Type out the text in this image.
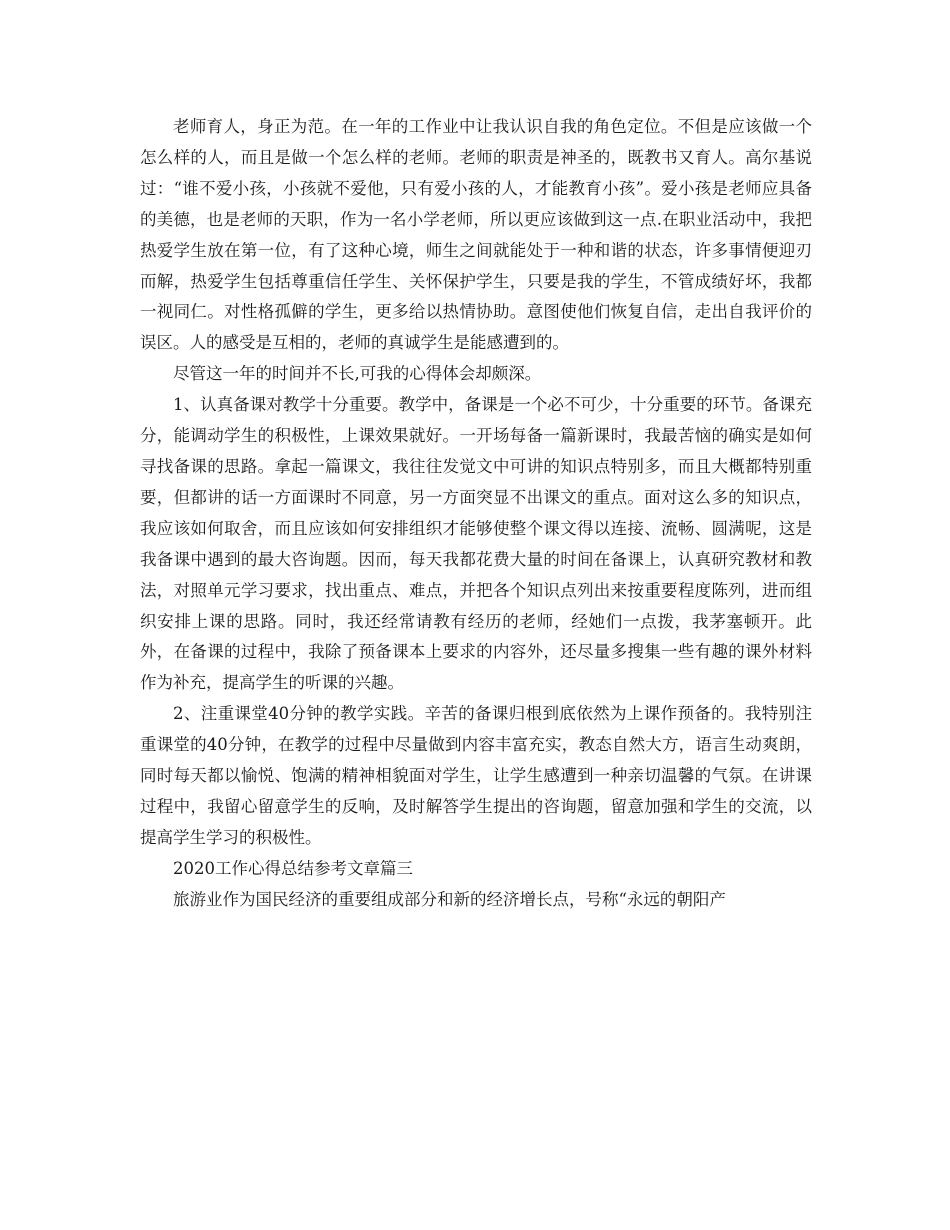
老师育人，身正为范。在一年的工作业中让我认识自我的角色定位。不但是应该做一个怎么样的人，而且是做一个怎么样的老师。老师的职责是神圣的，既教书又育人。高尔基说过：“谁不爱小孩，小孩就不爱他，只有爱小孩的人，才能教育小孩”。爱小孩是老师应具备的美德，也是老师的天职，作为一名小学老师，所以更应该做到这一点.在职业活动中，我把热爱学生放在第一位，有了这种心境，师生之间就能处于一种和谐的状态，许多事情便迎刃而解，热爱学生包括尊重信任学生、关怀保护学生，只要是我的学生，不管成绩好坏，我都一视同仁。对性格孤僻的学生，更多给以热情协助。意图使他们恢复自信，走出自我评价的误区。人的感受是互相的，老师的真诚学生是能感遭到的。

尽管这一年的时间并不长,可我的心得体会却颇深。

1、认真备课对教学十分重要。教学中，备课是一个必不可少，十分重要的环节。备课充分，能调动学生的积极性，上课效果就好。一开场每备一篇新课时，我最苦恼的确实是如何寻找备课的思路。拿起一篇课文，我往往发觉文中可讲的知识点特别多，而且大概都特别重要，但都讲的话一方面课时不同意，另一方面突显不出课文的重点。面对这么多的知识点，我应该如何取舍，而且应该如何安排组织才能够使整个课文得以连接、流畅、圆满呢，这是我备课中遇到的最大咨询题。因而，每天我都花费大量的时间在备课上，认真研究教材和教法，对照单元学习要求，找出重点、难点，并把各个知识点列出来按重要程度陈列，进而组织安排上课的思路。同时，我还经常请教有经历的老师，经她们一点拨，我茅塞顿开。此外，在备课的过程中，我除了预备课本上要求的内容外，还尽量多搜集一些有趣的课外材料作为补充，提高学生的听课的兴趣。

2、注重课堂40分钟的教学实践。辛苦的备课归根到底依然为上课作预备的。我特别注重课堂的40分钟，在教学的过程中尽量做到内容丰富充实，教态自然大方，语言生动爽朗，同时每天都以愉悦、饱满的精神相貌面对学生，让学生感遭到一种亲切温馨的气氛。在讲课过程中，我留心留意学生的反响，及时解答学生提出的咨询题，留意加强和学生的交流，以提高学生学习的积极性。

2020工作心得总结参考文章篇三

旅游业作为国民经济的重要组成部分和新的经济增长点，号称“永远的朝阳产
